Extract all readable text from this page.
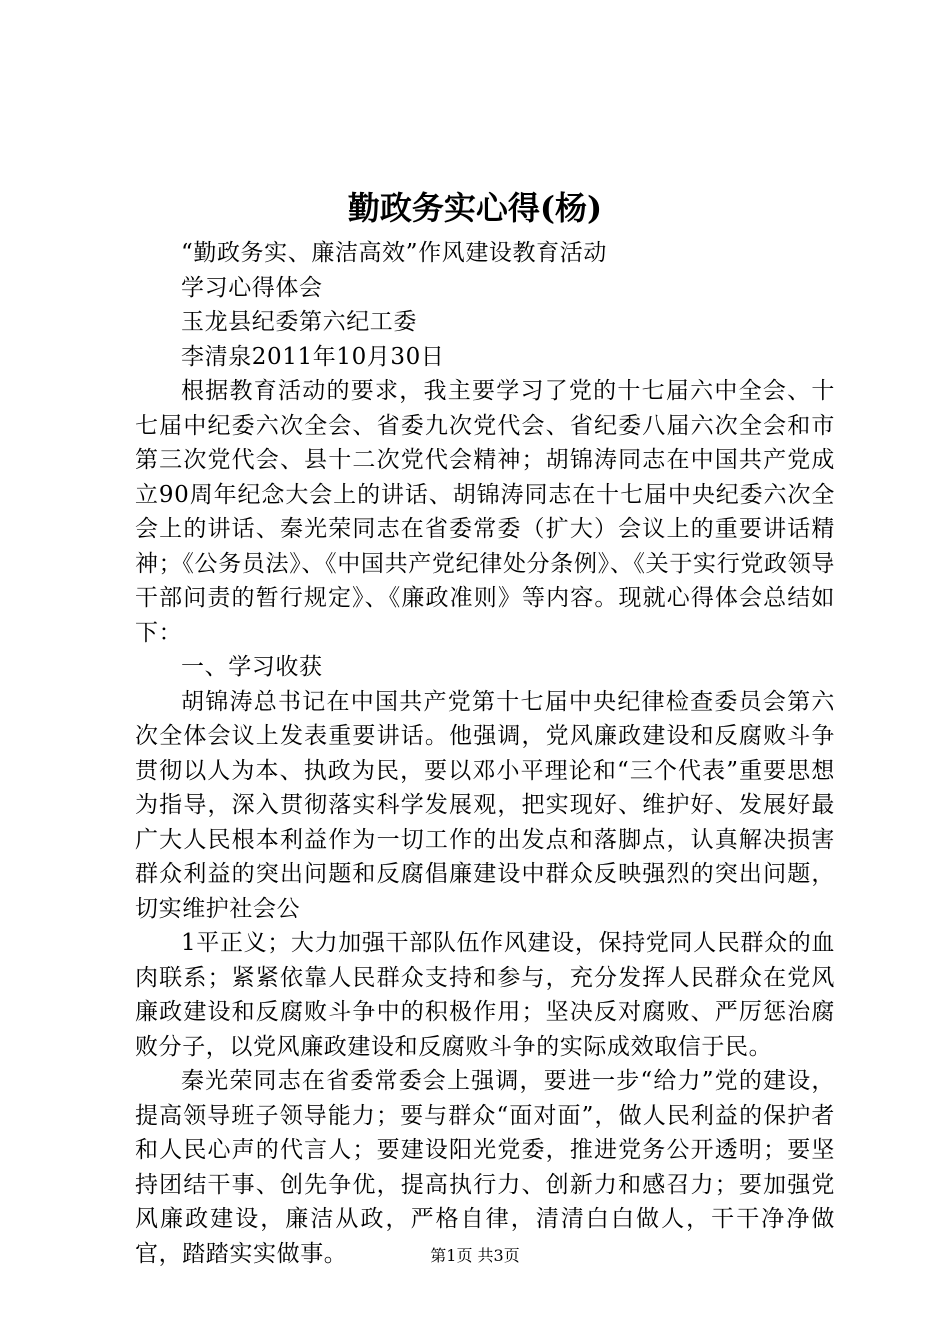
勤政务实心得(杨)

“勤政务实、廉洁高效”作风建设教育活动

学习心得体会

玉龙县纪委第六纪工委

李清泉2011年10月30日

根据教育活动的要求，我主要学习了党的十七届六中全会、十七届中纪委六次全会、省委九次党代会、省纪委八届六次全会和市第三次党代会、县十二次党代会精神；胡锦涛同志在中国共产党成立90周年纪念大会上的讲话、胡锦涛同志在十七届中央纪委六次全会上的讲话、秦光荣同志在省委常委（扩大）会议上的重要讲话精神；《公务员法》、《中国共产党纪律处分条例》、《关于实行党政领导干部问责的暂行规定》、《廉政准则》等内容。现就心得体会总结如下：

一、学习收获

胡锦涛总书记在中国共产党第十七届中央纪律检查委员会第六次全体会议上发表重要讲话。他强调，党风廉政建设和反腐败斗争贯彻以人为本、执政为民，要以邓小平理论和“三个代表”重要思想为指导，深入贯彻落实科学发展观，把实现好、维护好、发展好最广大人民根本利益作为一切工作的出发点和落脚点，认真解决损害群众利益的突出问题和反腐倡廉建设中群众反映强烈的突出问题，切实维护社会公

1平正义；大力加强干部队伍作风建设，保持党同人民群众的血肉联系；紧紧依靠人民群众支持和参与，充分发挥人民群众在党风廉政建设和反腐败斗争中的积极作用；坚决反对腐败、严厉惩治腐败分子，以党风廉政建设和反腐败斗争的实际成效取信于民。

秦光荣同志在省委常委会上强调，要进一步“给力”党的建设，提高领导班子领导能力；要与群众“面对面”，做人民利益的保护者和人民心声的代言人；要建设阳光党委，推进党务公开透明；要坚持团结干事、创先争优，提高执行力、创新力和感召力；要加强党风廉政建设，廉洁从政，严格自律，清清白白做人，干干净净做官，踏踏实实做事。	第1页 共3页
